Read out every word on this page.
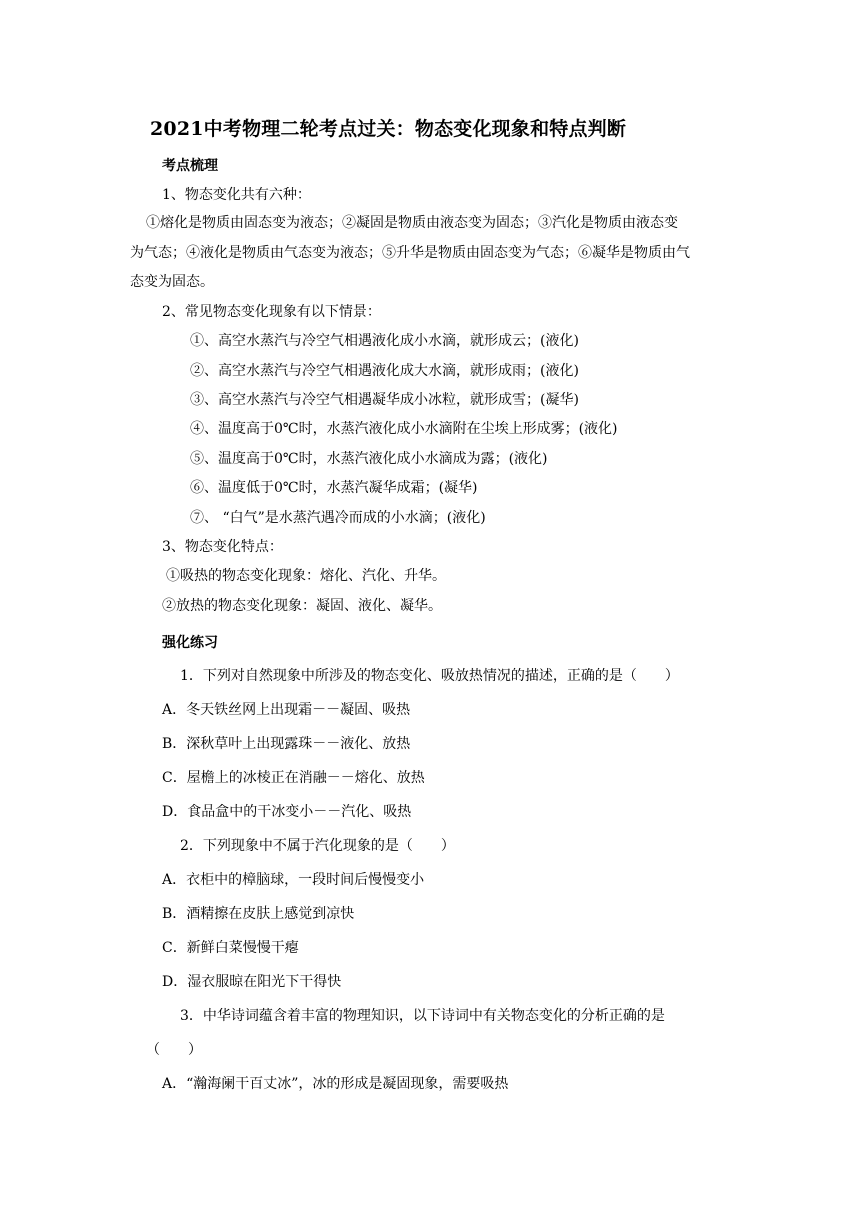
2021中考物理二轮考点过关：物态变化现象和特点判断
考点梳理
1、物态变化共有六种：
①熔化是物质由固态变为液态；②凝固是物质由液态变为固态；③汽化是物质由液态变
为气态；④液化是物质由气态变为液态；⑤升华是物质由固态变为气态；⑥凝华是物质由气
态变为固态。
2、常见物态变化现象有以下情景：
①、高空水蒸汽与冷空气相遇液化成小水滴，就形成云；(液化)
②、高空水蒸汽与冷空气相遇液化成大水滴，就形成雨；(液化)
③、高空水蒸汽与冷空气相遇凝华成小冰粒，就形成雪；(凝华)
④、温度高于0℃时，水蒸汽液化成小水滴附在尘埃上形成雾；(液化)
⑤、温度高于0℃时，水蒸汽液化成小水滴成为露；(液化)
⑥、温度低于0℃时，水蒸汽凝华成霜；(凝华)
⑦、 “白气”是水蒸汽遇冷而成的小水滴；(液化)
3、物态变化特点：
①吸热的物态变化现象：熔化、汽化、升华。
②放热的物态变化现象：凝固、液化、凝华。
强化练习
1．下列对自然现象中所涉及的物态变化、吸放热情况的描述，正确的是（　　）
A．冬天铁丝网上出现霜－－凝固、吸热
B．深秋草叶上出现露珠－－液化、放热
C．屋檐上的冰棱正在消融－－熔化、放热
D．食品盒中的干冰变小－－汽化、吸热
2．下列现象中不属于汽化现象的是（　　）
A．衣柜中的樟脑球，一段时间后慢慢变小
B．酒精擦在皮肤上感觉到凉快
C．新鲜白菜慢慢干瘪
D．湿衣服晾在阳光下干得快
3．中华诗词蕴含着丰富的物理知识，以下诗词中有关物态变化的分析正确的是
（　　）
A．“瀚海阑干百丈冰”，冰的形成是凝固现象，需要吸热
